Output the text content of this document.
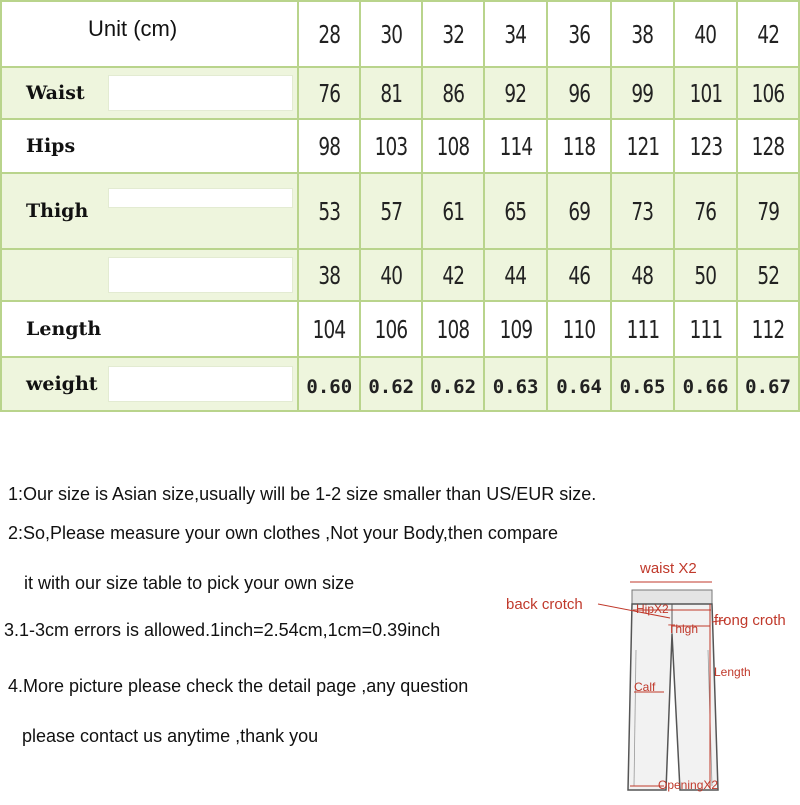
Unit (cm)		28	30	32	34	36	38	40	42
Waist		76	81	86	92	96	99	101	106
Hips		98	103	108	114	118	121	123	128
Thigh		53	57	61	65	69	73	76	79

	38	40	42	44	46	48	50	52
Length		104	106	108	109	110	111	111	112
weight		0.60	0.62	0.62	0.63	0.64	0.65	0.66	0.67
1:Our size is Asian size,usually will be 1-2 size smaller than US/EUR size.
2:So,Please measure your own clothes ,Not your Body,then compare
it with our size table to pick your own size
3.1-3cm errors is allowed.1inch=2.54cm,1cm=0.39inch
4.More picture please check the detail page ,any question
please contact us anytime ,thank you
waist X2
back crotch	HipX2
Thigh frong croth
Length
Calf
OpeningX2
